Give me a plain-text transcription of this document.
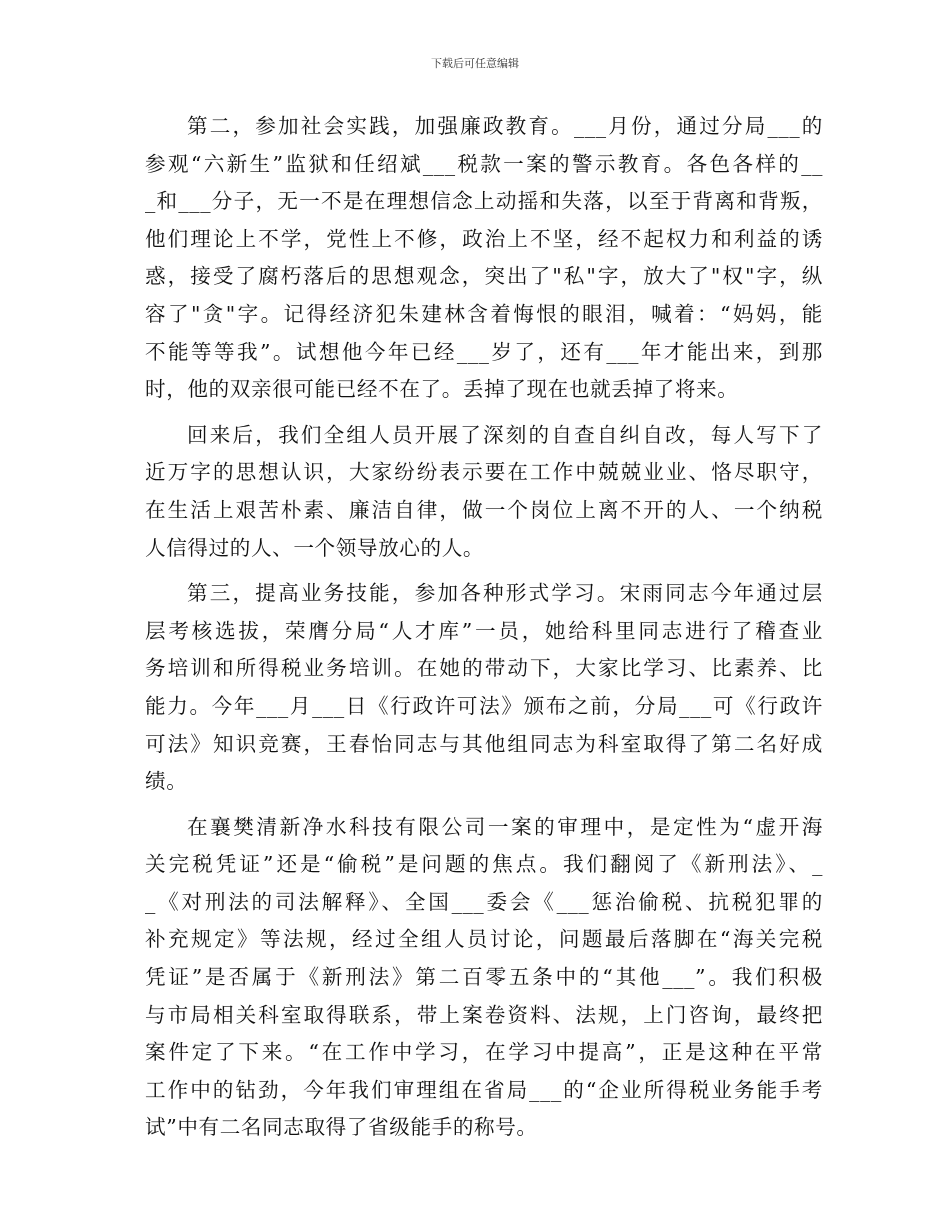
下载后可任意编辑
第二，参加社会实践，加强廉政教育。___月份，通过分局___的
参观“六新生”监狱和任绍斌___税款一案的警示教育。各色各样的__
_和___分子，无一不是在理想信念上动摇和失落，以至于背离和背叛，
他们理论上不学，党性上不修，政治上不坚，经不起权力和利益的诱
惑，接受了腐朽落后的思想观念，突出了"私"字，放大了"权"字，纵
容了"贪"字。记得经济犯朱建林含着悔恨的眼泪，喊着：“妈妈，能
不能等等我”。试想他今年已经___岁了，还有___年才能出来，到那
时，他的双亲很可能已经不在了。丢掉了现在也就丢掉了将来。
回来后，我们全组人员开展了深刻的自查自纠自改，每人写下了
近万字的思想认识，大家纷纷表示要在工作中兢兢业业、恪尽职守，
在生活上艰苦朴素、廉洁自律，做一个岗位上离不开的人、一个纳税
人信得过的人、一个领导放心的人。
第三，提高业务技能，参加各种形式学习。宋雨同志今年通过层
层考核选拔，荣膺分局“人才库”一员，她给科里同志进行了稽查业
务培训和所得税业务培训。在她的带动下，大家比学习、比素养、比
能力。今年___月___日《行政许可法》颁布之前，分局___可《行政许
可法》知识竞赛，王春怡同志与其他组同志为科室取得了第二名好成
绩。
在襄樊清新净水科技有限公司一案的审理中，是定性为“虚开海
关完税凭证”还是“偷税”是问题的焦点。我们翻阅了《新刑法》、_
_《对刑法的司法解释》、全国___委会《___惩治偷税、抗税犯罪的
补充规定》等法规，经过全组人员讨论，问题最后落脚在“海关完税
凭证”是否属于《新刑法》第二百零五条中的“其他___”。我们积极
与市局相关科室取得联系，带上案卷资料、法规，上门咨询，最终把
案件定了下来。“在工作中学习，在学习中提高”，正是这种在平常
工作中的钻劲，今年我们审理组在省局___的“企业所得税业务能手考
试”中有二名同志取得了省级能手的称号。
